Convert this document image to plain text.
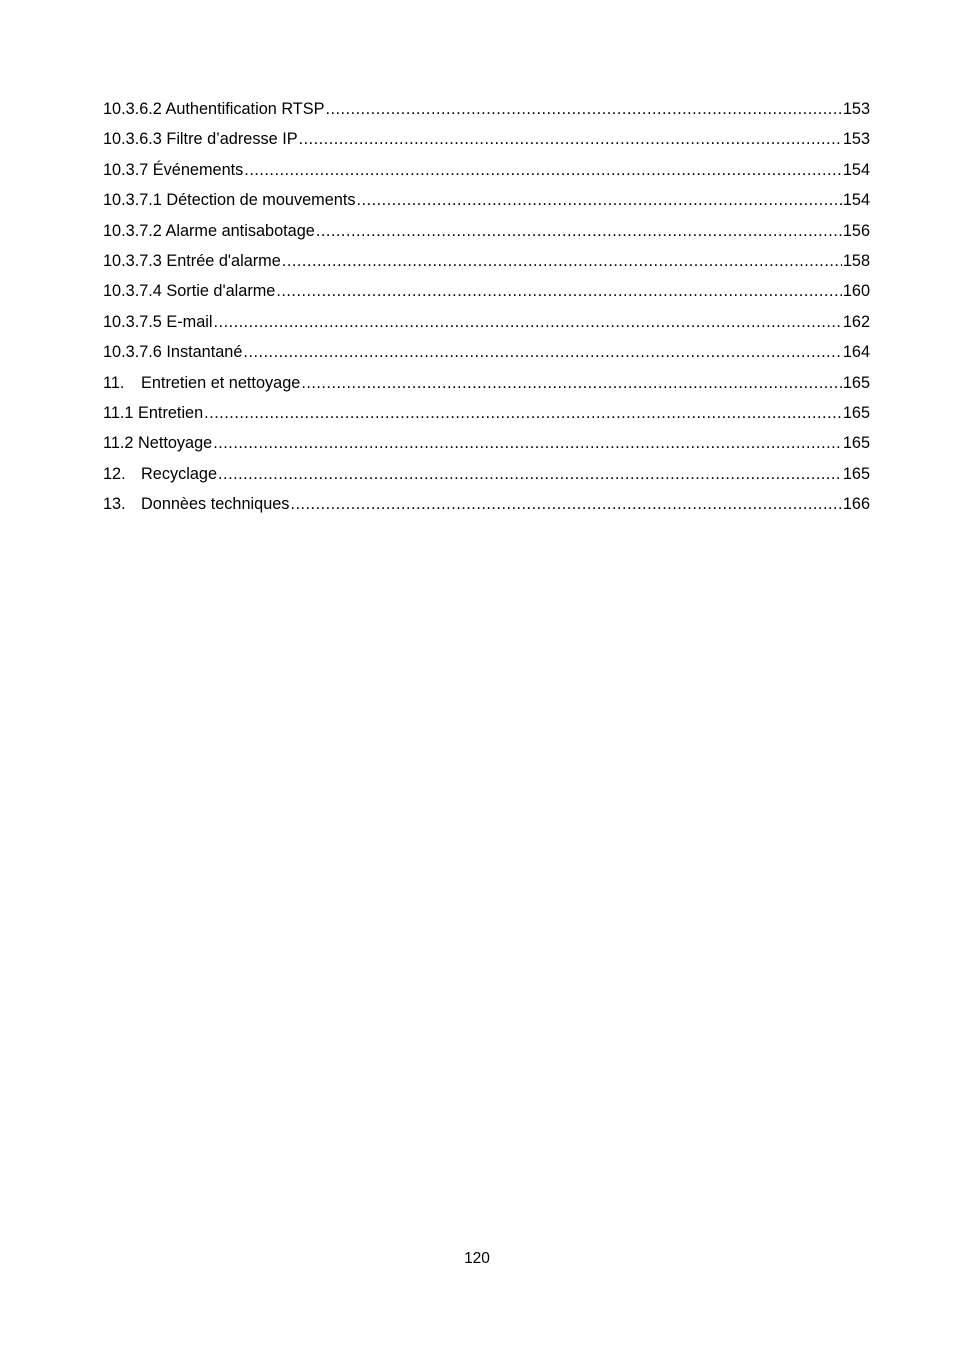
10.3.6.2 Authentification RTSP .....	153
10.3.6.3 Filtre d’adresse IP .....	153
10.3.7 Événements .....	154
10.3.7.1 Détection de mouvements .....	154
10.3.7.2 Alarme antisabotage .....	156
10.3.7.3 Entrée d'alarme .....	158
10.3.7.4 Sortie d'alarme .....	160
10.3.7.5 E-mail .....	162
10.3.7.6 Instantané .....	164
11.	Entretien et nettoyage .....	165
11.1 Entretien .....	165
11.2 Nettoyage .....	165
12. Recyclage .....	165
13. Donnèes techniques .....	166
120
